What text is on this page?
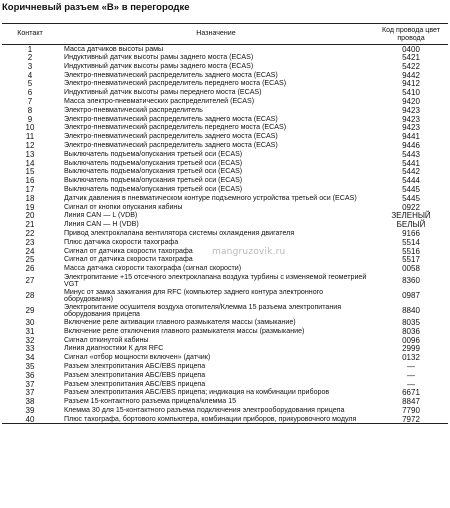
Коричневый разъем «B» в перегородке
Контакт	Назначение	Код провода цвет провода
1	Масса датчиков высоты рамы	0400
2	Индуктивный датчик высоты рамы заднего моста (ECAS)	5421
3	Индуктивный датчик высоты рамы заднего моста (ECAS)	5422
4	Электро-пневматический распределитель заднего моста (ECAS)	9442
5	Электро-пневматический распределитель переднего моста (ECAS)	9412
6	Индуктивный датчик высоты рамы переднего моста (ECAS)	5410
7	Масса электро-пневматических распределителей (ECAS)	9420
8	Электро-пневматический распределитель	9423
9	Электро-пневматический распределитель заднего моста (ECAS)	9423
10	Электро-пневматический распределитель переднего моста (ECAS)	9423
11	Электро-пневматический распределитель заднего моста (ECAS)	9441
12	Электро-пневматический распределитель заднего моста (ECAS)	9446
13	Выключатель подъема/опускания третьей оси (ECAS)	5443
14	Выключатель подъема/опускания третьей оси (ECAS)	5441
15	Выключатель подъема/опускания третьей оси (ECAS)	5442
16	Выключатель подъема/опускания третьей оси (ECAS)	5444
17	Выключатель подъема/опускания третьей оси (ECAS)	5445
18	Датчик давления в пневматическом контуре подъемного устройства третьей оси (ECAS)	5445
19	Сигнал от кнопки опускания кабины	0922
20	Линия CAN — L (VDB)	ЗЕЛЕНЫЙ
21	Линия CAN — H (VDB)	БЕЛЫЙ
22	Привод электроклапана вентилятора системы охлаждения двигателя	9166
23	Плюс датчика скорости тахографа	5514
24	Сигнал от датчика скорости тахографа	5516
25	Сигнал от датчика скорости тахографа	5517
26	Масса датчика скорости тахографа (сигнал скорости)	0058
27	Электропитание +15 отсечного электроклапана воздуха турбины с изменяемой геометрией VGT	8360
28	Минус от замка зажигания для RFC (компьютер заднего контура электронного оборудования)	0987
29	Электропитание осушителя воздуха отопителя/Клемма 15 разъема электропитания оборудования прицепа	8840
30	Включение реле активации главного размыкателя массы (замыкание)	8035
31	Включение реле отключения главного размыкателя массы (размыкание)	8036
32	Сигнал откинутой кабины	0096
33	Линия диагностики К для RFC	2999
34	Сигнал «отбор мощности включен» (датчик)	0132
35	Разъем электропитания АБС/EBS прицепа	—
36	Разъем электропитания АБС/EBS прицепа	—
37	Разъем электропитания АБС/EBS прицепа	—
37	Разъем электропитания АБС/EBS прицепа; индикация на комбинации приборов	6671
38	Разъем 15-контактного разъема прицепа/клемма 15	8847
39	Клемма 30 для 15-контактного разъема подключения электрооборудования прицепа	7790
40	Плюс тахографа, бортового компьютера, комбинации приборов, прикуровочного модуля	7972
mangruzovik.ru
